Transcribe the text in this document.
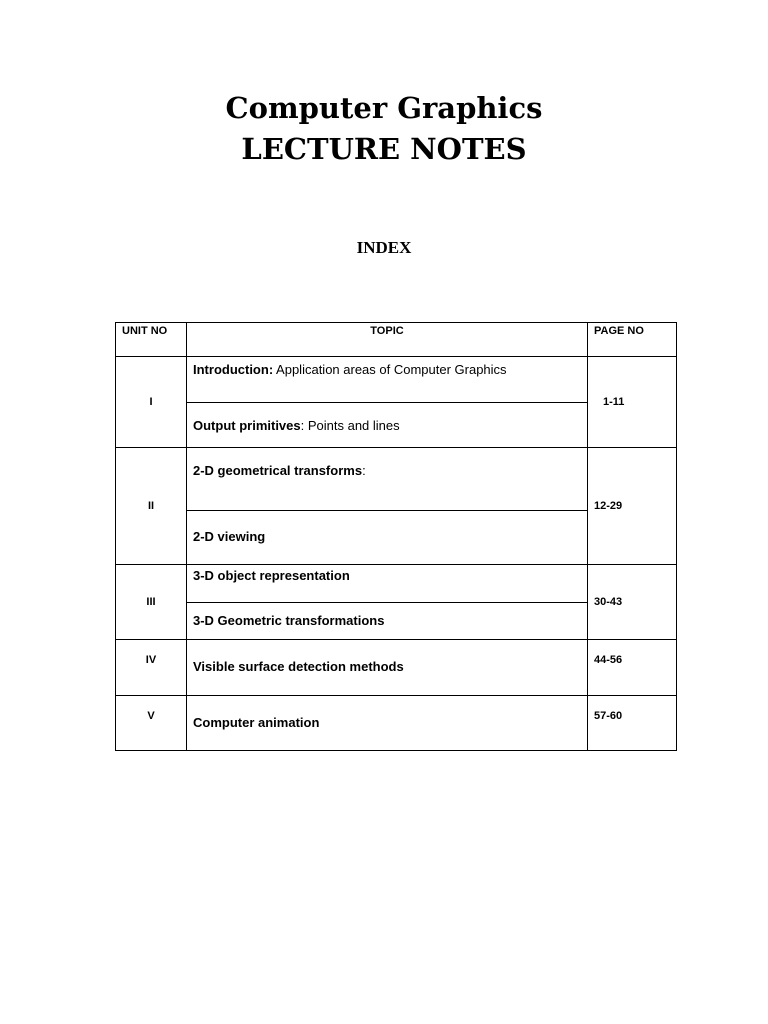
Computer Graphics
LECTURE NOTES
INDEX
UNIT NO	TOPIC	PAGE NO
I	Introduction: Application areas of Computer Graphics	1-11
	Output primitives: Points and lines	
II	2-D geometrical transforms:	12-29
	2-D viewing	
III	3-D object representation	30-43
	3-D Geometric transformations	
IV	Visible surface detection methods	44-56
V	Computer animation	57-60
